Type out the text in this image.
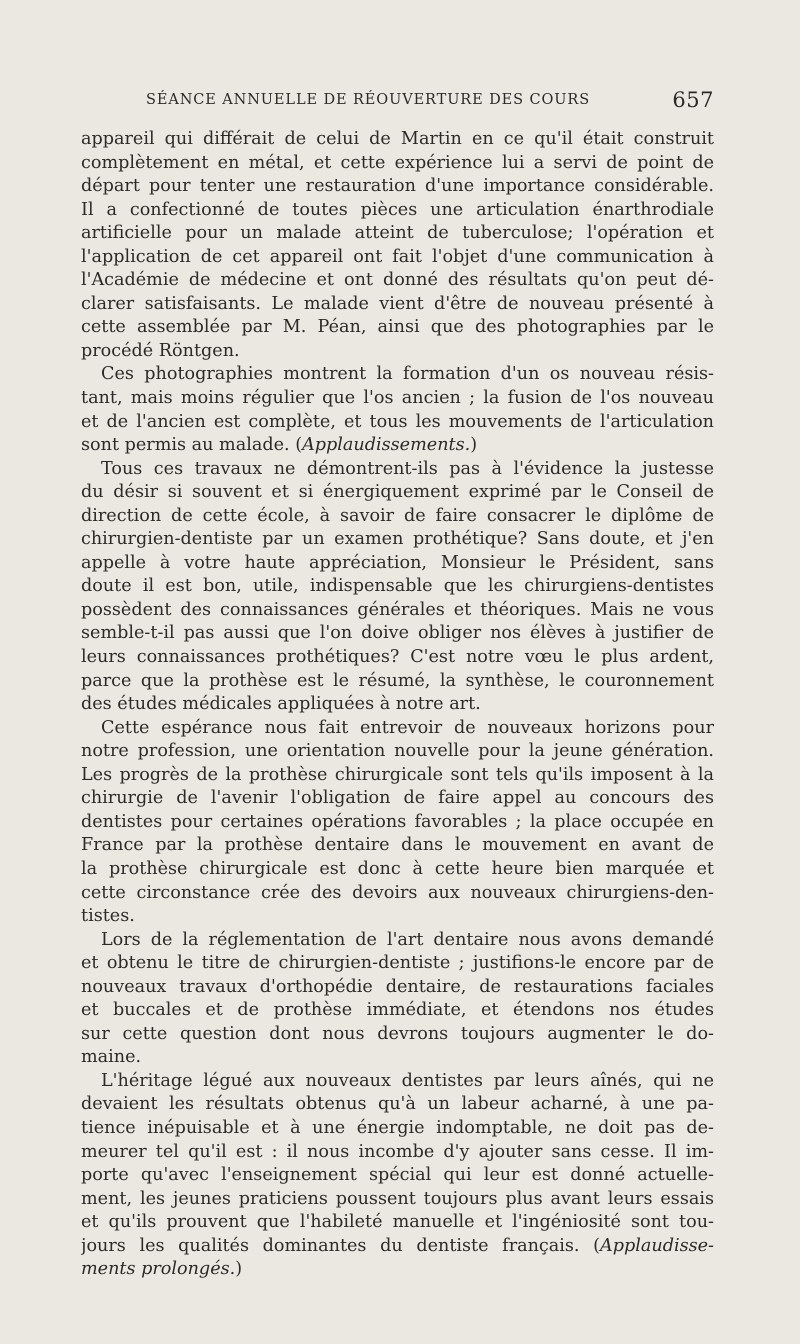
SÉANCE ANNUELLE DE RÉOUVERTURE DES COURS	657
appareil qui différait de celui de Martin en ce qu'il était construit
complètement en métal, et cette expérience lui a servi de point de
départ pour tenter une restauration d'une importance considérable.
Il a confectionné de toutes pièces une articulation énarthrodiale
artificielle pour un malade atteint de tuberculose; l'opération et
l'application de cet appareil ont fait l'objet d'une communication à
l'Académie de médecine et ont donné des résultats qu'on peut dé-
clarer satisfaisants. Le malade vient d'être de nouveau présenté à
cette assemblée par M. Péan, ainsi que des photographies par le
procédé Röntgen.
Ces photographies montrent la formation d'un os nouveau résis-
tant, mais moins régulier que l'os ancien ; la fusion de l'os nouveau
et de l'ancien est complète, et tous les mouvements de l'articulation
sont permis au malade. (Applaudissements.)
Tous ces travaux ne démontrent-ils pas à l'évidence la justesse
du désir si souvent et si énergiquement exprimé par le Conseil de
direction de cette école, à savoir de faire consacrer le diplôme de
chirurgien-dentiste par un examen prothétique? Sans doute, et j'en
appelle à votre haute appréciation, Monsieur le Président, sans
doute il est bon, utile, indispensable que les chirurgiens-dentistes
possèdent des connaissances générales et théoriques. Mais ne vous
semble-t-il pas aussi que l'on doive obliger nos élèves à justifier de
leurs connaissances prothétiques? C'est notre vœu le plus ardent,
parce que la prothèse est le résumé, la synthèse, le couronnement
des études médicales appliquées à notre art.
Cette espérance nous fait entrevoir de nouveaux horizons pour
notre profession, une orientation nouvelle pour la jeune génération.
Les progrès de la prothèse chirurgicale sont tels qu'ils imposent à la
chirurgie de l'avenir l'obligation de faire appel au concours des
dentistes pour certaines opérations favorables ; la place occupée en
France par la prothèse dentaire dans le mouvement en avant de
la prothèse chirurgicale est donc à cette heure bien marquée et
cette circonstance crée des devoirs aux nouveaux chirurgiens-den-
tistes.
Lors de la réglementation de l'art dentaire nous avons demandé
et obtenu le titre de chirurgien-dentiste ; justifions-le encore par de
nouveaux travaux d'orthopédie dentaire, de restaurations faciales
et buccales et de prothèse immédiate, et étendons nos études
sur cette question dont nous devrons toujours augmenter le do-
maine.
L'héritage légué aux nouveaux dentistes par leurs aînés, qui ne
devaient les résultats obtenus qu'à un labeur acharné, à une pa-
tience inépuisable et à une énergie indomptable, ne doit pas de-
meurer tel qu'il est : il nous incombe d'y ajouter sans cesse. Il im-
porte qu'avec l'enseignement spécial qui leur est donné actuelle-
ment, les jeunes praticiens poussent toujours plus avant leurs essais
et qu'ils prouvent que l'habileté manuelle et l'ingéniosité sont tou-
jours les qualités dominantes du dentiste français. (Applaudisse-
ments prolongés.)
